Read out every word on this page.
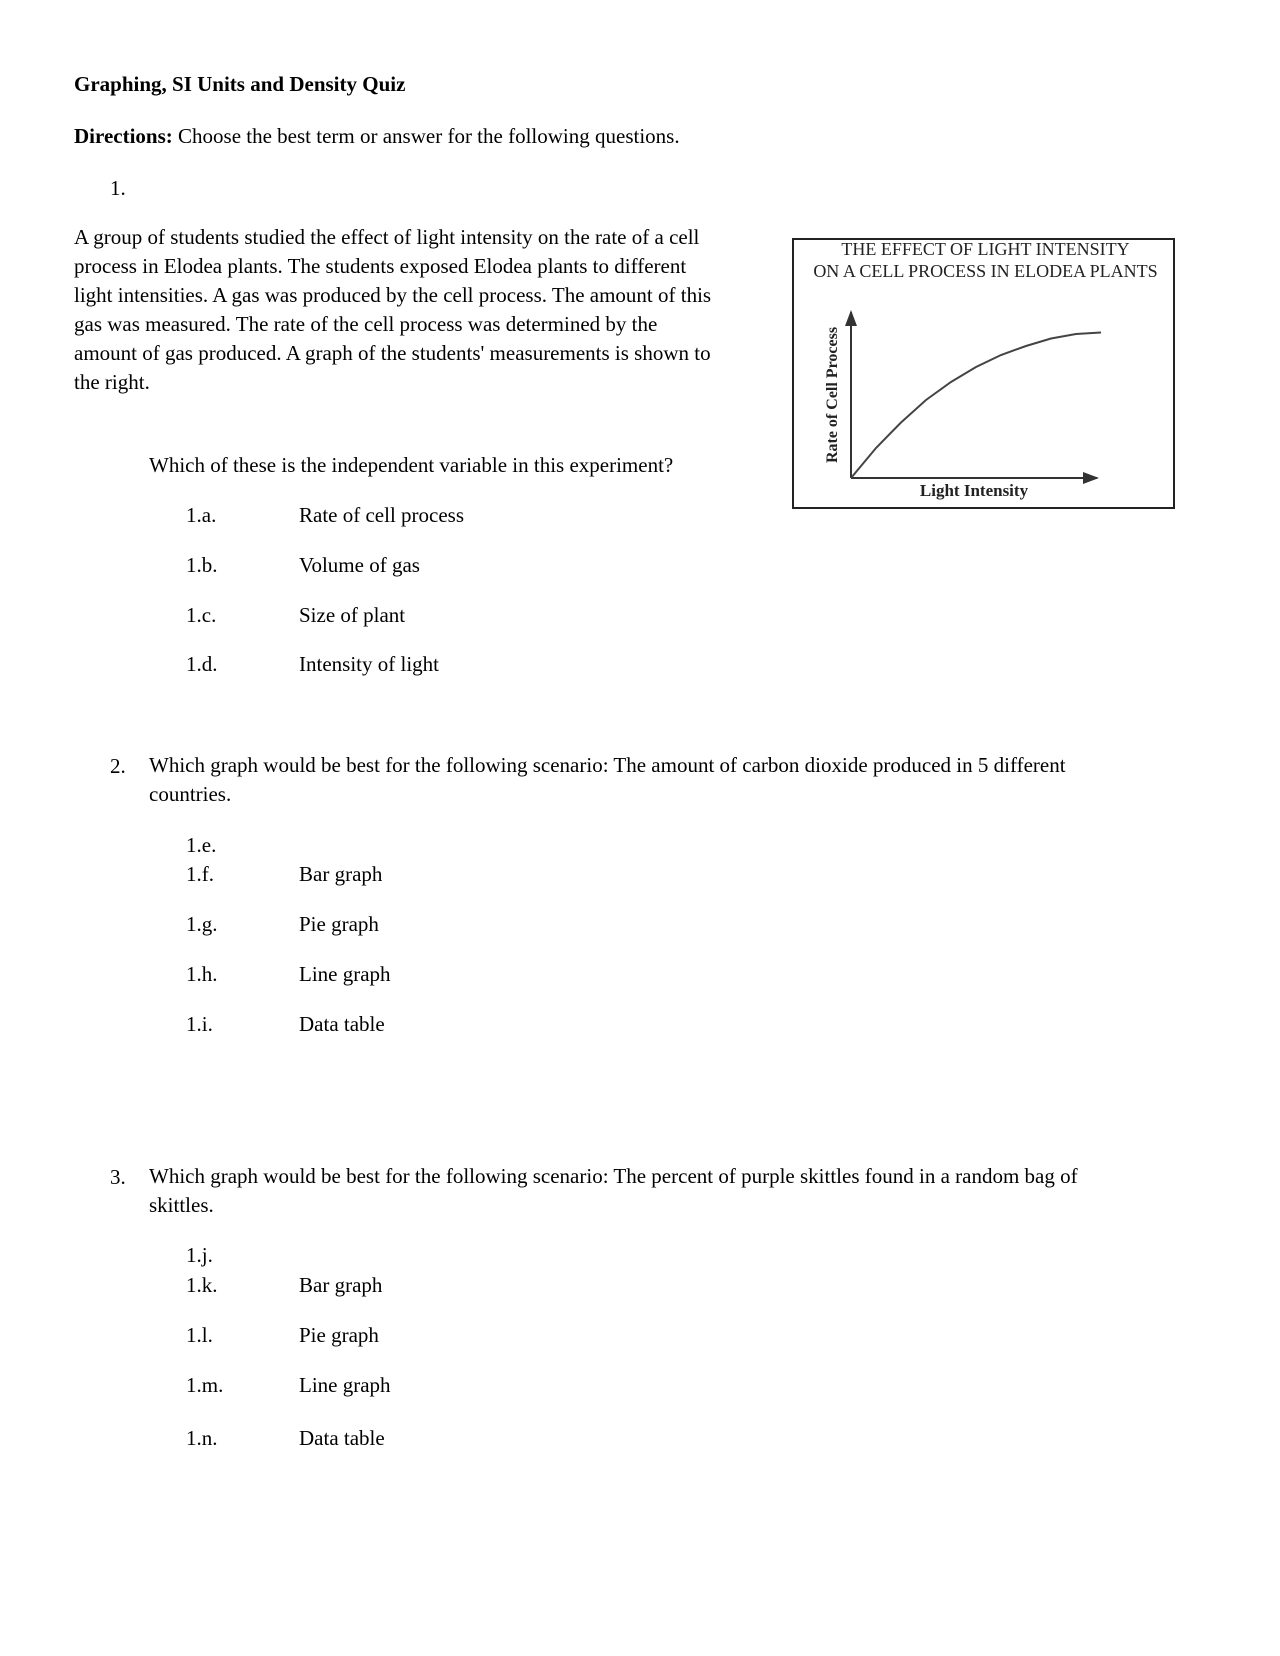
Graphing, SI Units and Density Quiz
Directions: Choose the best term or answer for the following questions.
1.
A group of students studied the effect of light intensity on the rate of a cell
process in Elodea plants. The students exposed Elodea plants to different
light intensities. A gas was produced by the cell process. The amount of this
gas was measured. The rate of the cell process was determined by the
amount of gas produced. A graph of the students' measurements is shown to
the right.
THE EFFECT OF LIGHT INTENSITY
ON A CELL PROCESS IN ELODEA PLANTS
Rate of Cell Process
Light Intensity
Which of these is the independent variable in this experiment?
1.a.	Rate of cell process
1.b.	Volume of gas
1.c.	Size of plant
1.d.	Intensity of light
2. Which graph would be best for the following scenario: The amount of carbon dioxide produced in 5 different
countries.
1.e.
1.f.	Bar graph
1.g.	Pie graph
1.h.	Line graph
1.i.	Data table
3. Which graph would be best for the following scenario: The percent of purple skittles found in a random bag of
skittles.
1.j.
1.k.	Bar graph
1.l.	Pie graph
1.m.	Line graph
1.n.	Data table
